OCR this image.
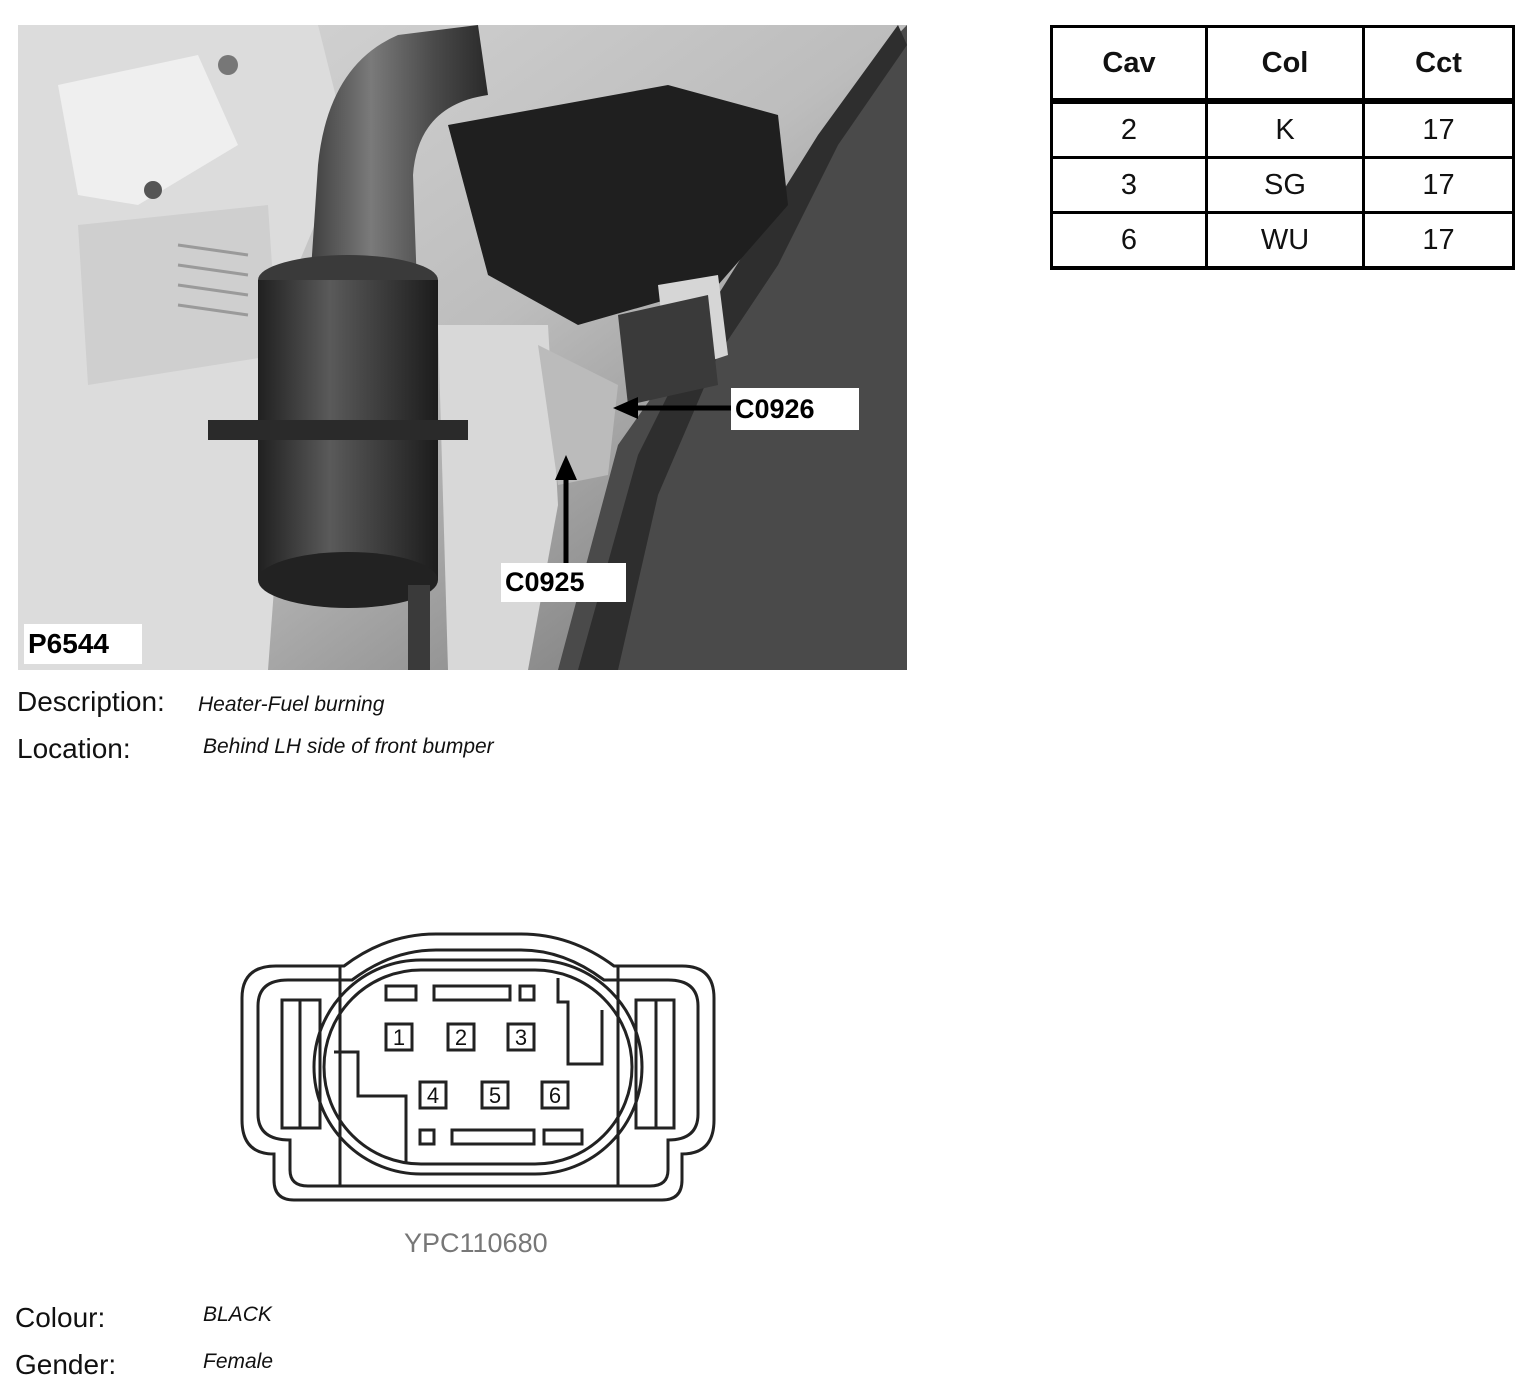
C0926
C0925
P6544
Cav	Col	Cct
2	K	17
3	SG	17
6	WU	17
Description: Heater-Fuel burning
Location:	Behind LH side of front bumper
1 2 3
4 5 6
YPC110680
Colour:	BLACK
Gender:	Female
